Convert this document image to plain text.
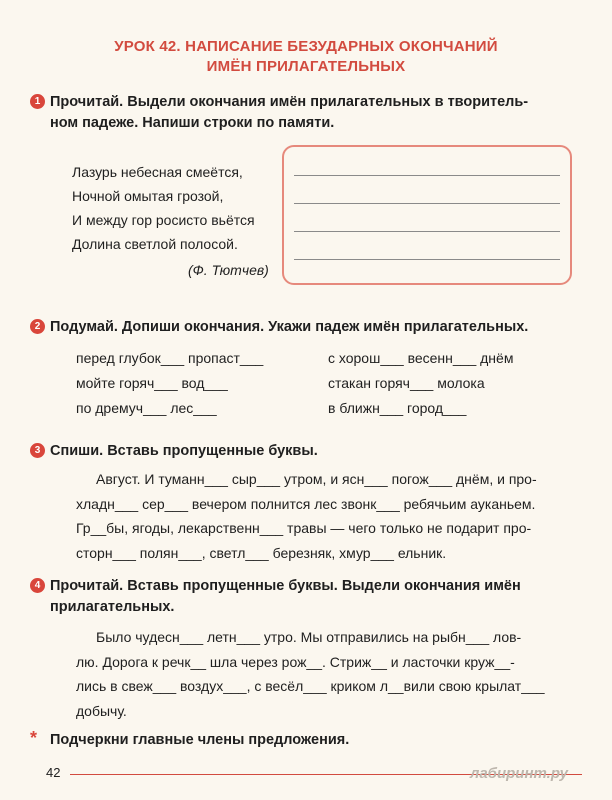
УРОК 42. НАПИСАНИЕ БЕЗУДАРНЫХ ОКОНЧАНИЙ
ИМЁН ПРИЛАГАТЕЛЬНЫХ
1 Прочитай. Выдели окончания имён прилагательных в творитель-
ном падеже. Напиши строки по памяти.
Лазурь небесная смеётся,
Ночной омытая грозой,
И между гор росисто вьётся
Долина светлой полосой.
(Ф. Тютчев)
2 Подумай. Допиши окончания. Укажи падеж имён прилагательных.
перед глубок___ пропаст___	с хорош___ весенн___ днём
мойте горяч___ вод___	стакан горяч___ молока
по дремуч___ лес___	в ближн___ город___
3 Спиши. Вставь пропущенные буквы.
Август. И туманн___ сыр___ утром, и ясн___ погож___ днём, и про-
хладн___ сер___ вечером полнится лес звонк___ ребячьим ауканьем.
Гр__бы, ягоды, лекарственн___ травы — чего только не подарит про-
сторн___ полян___, светл___ березняк, хмур___ ельник.
4 Прочитай. Вставь пропущенные буквы. Выдели окончания имён
прилагательных.
Было чудесн___ летн___ утро. Мы отправились на рыбн___ лов-
лю. Дорога к речк__ шла через рож__. Стриж__ и ласточки круж__-
лись в свеж___ воздух___, с весёл___ криком л__вили свою крылат___
добычу.
* Подчеркни главные члены предложения.
42	лабиринт.ру
